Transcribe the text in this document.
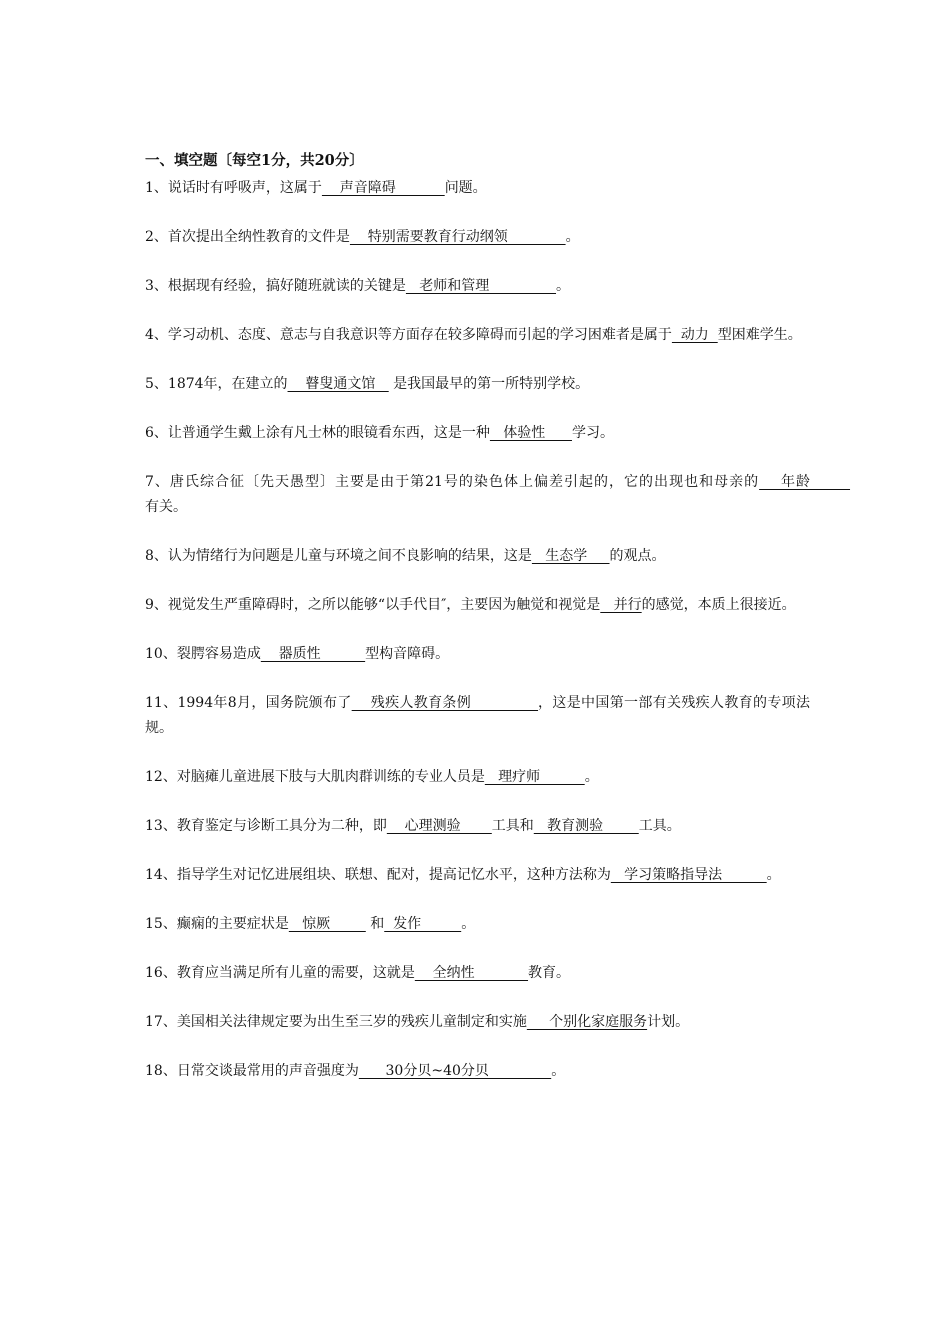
一、填空题〔每空1分，共20分〕

1、说话时有呼吸声，这属于    声音障碍           问题。

2、首次提出全纳性教育的文件是    特别需要教育行动纲领             。

3、根据现有经验，搞好随班就读的关键是   老师和管理               。

4、学习动机、态度、意志与自我意识等方面存在较多障碍而引起的学习困难者是属于  动力  型困难学生。

5、1874年，在建立的    瞽叟通文馆    是我国最早的第一所特别学校。

6、让普通学生戴上涂有凡士林的眼镜看东西，这是一种   体验性      学习。

7、唐氏综合征〔先天愚型〕主要是由于第21号的染色体上偏差引起的，它的出现也和母亲的    年龄         有关。

8、认为情绪行为问题是儿童与环境之间不良影响的结果，这是   生态学     的观点。

9、视觉发生严重障碍时，之所以能够“以手代目″，主要因为触觉和视觉是   并行的感觉，本质上很接近。

10、裂腭容易造成    器质性          型构音障碍。

11、1994年8月，国务院颁布了    残疾人教育条例              ，这是中国第一部有关残疾人教育的专项法规。

12、对脑瘫儿童进展下肢与大肌肉群训练的专业人员是   理疗师          。

13、教育鉴定与诊断工具分为二种，即    心理测验       工具和   教育测验        工具。

14、指导学生对记忆进展组块、联想、配对，提高记忆水平，这种方法称为   学习策略指导法          。

15、癫痫的主要症状是   惊厥         和  发作         。

16、教育应当满足所有儿童的需要，这就是    全纳性            教育。

17、美国相关法律规定要为出生至三岁的残疾儿童制定和实施     个别化家庭服务计划。

18、日常交谈最常用的声音强度为      30分贝~40分贝              。
